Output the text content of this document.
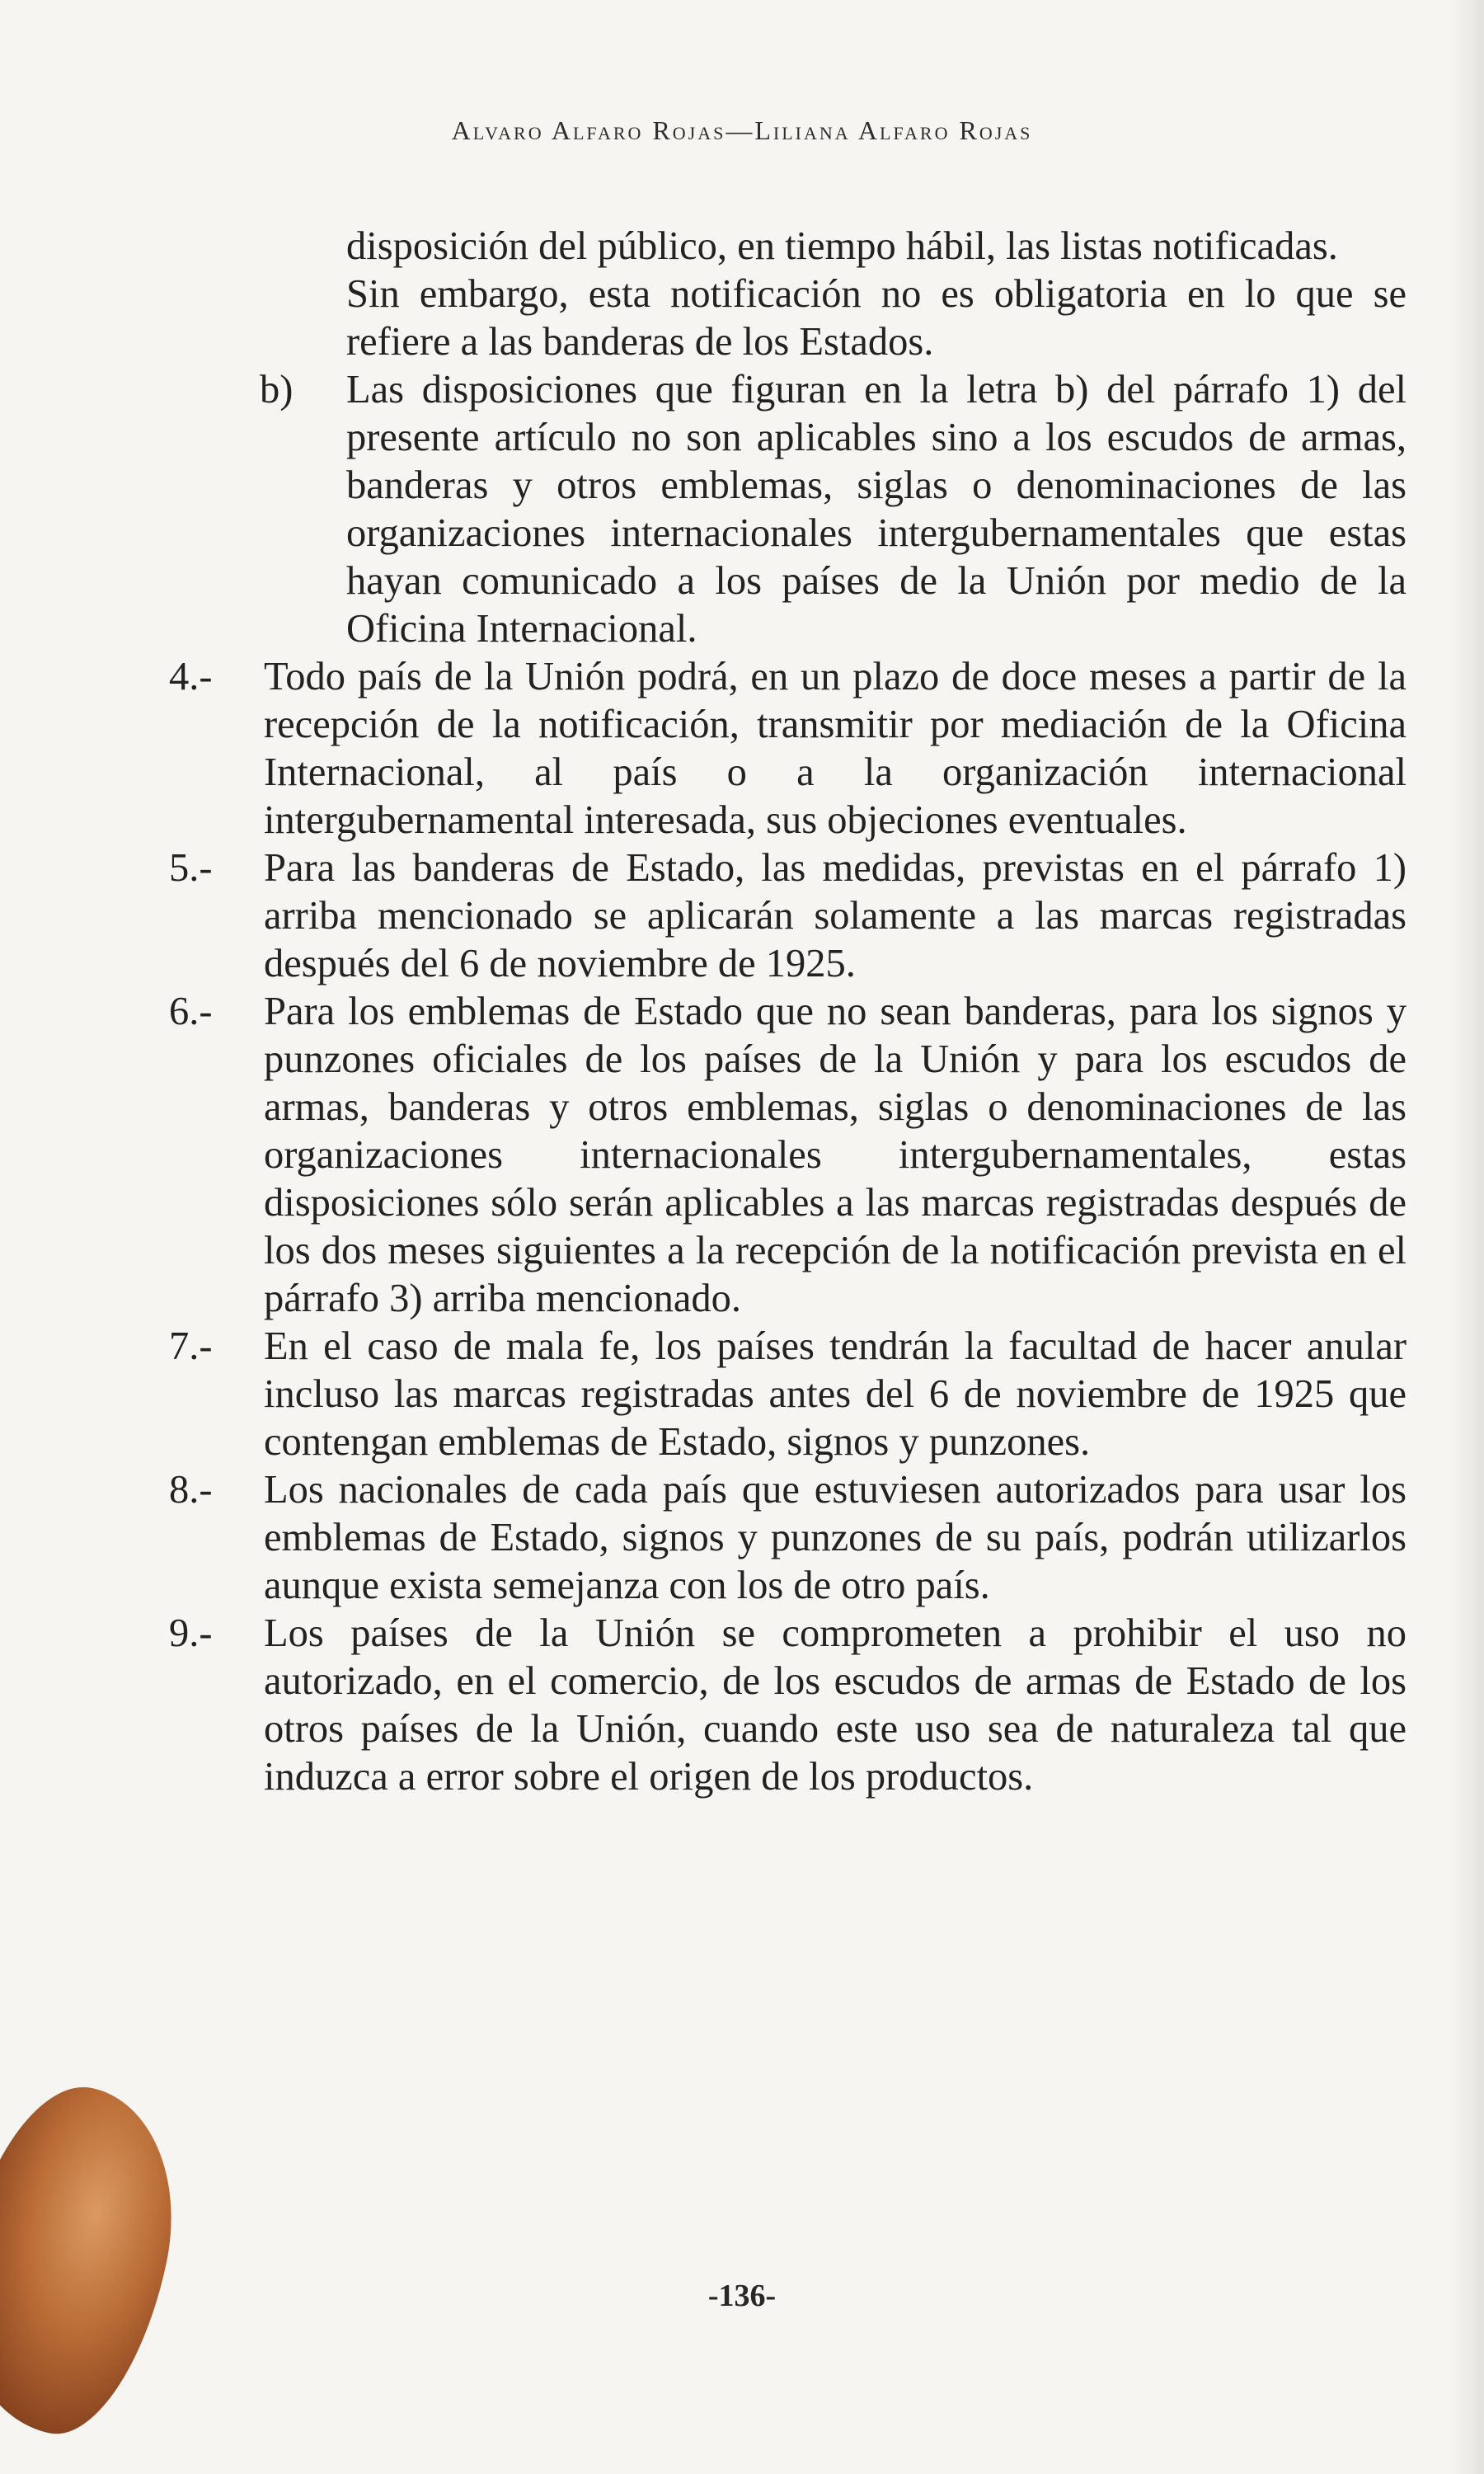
Alvaro Alfaro Rojas—Liliana Alfaro Rojas

disposición del público, en tiempo hábil, las listas notificadas.

Sin embargo, esta notificación no es obligatoria en lo que se refiere a las banderas de los Estados.

b) Las disposiciones que figuran en la letra b) del párrafo 1) del presente artículo no son aplicables sino a los escudos de armas, banderas y otros emblemas, siglas o denominaciones de las organizaciones internacionales intergubernamentales que estas hayan comunicado a los países de la Unión por medio de la Oficina Internacional.
4.- Todo país de la Unión podrá, en un plazo de doce meses a partir de la recepción de la notificación, transmitir por mediación de la Oficina Internacional, al país o a la organización internacional intergubernamental interesada, sus objeciones eventuales.
5.- Para las banderas de Estado, las medidas, previstas en el párrafo 1) arriba mencionado se aplicarán solamente a las marcas registradas después del 6 de noviembre de 1925.
6.- Para los emblemas de Estado que no sean banderas, para los signos y punzones oficiales de los países de la Unión y para los escudos de armas, banderas y otros emblemas, siglas o denominaciones de las organizaciones internacionales intergubernamentales, estas disposiciones sólo serán aplicables a las marcas registradas después de los dos meses siguientes a la recepción de la notificación prevista en el párrafo 3) arriba mencionado.
7.- En el caso de mala fe, los países tendrán la facultad de hacer anular incluso las marcas registradas antes del 6 de noviembre de 1925 que contengan emblemas de Estado, signos y punzones.
8.- Los nacionales de cada país que estuviesen autorizados para usar los emblemas de Estado, signos y punzones de su país, podrán utilizarlos aunque exista semejanza con los de otro país.
9.- Los países de la Unión se comprometen a prohibir el uso no autorizado, en el comercio, de los escudos de armas de Estado de los otros países de la Unión, cuando este uso sea de naturaleza tal que induzca a error sobre el origen de los productos.
-136-
